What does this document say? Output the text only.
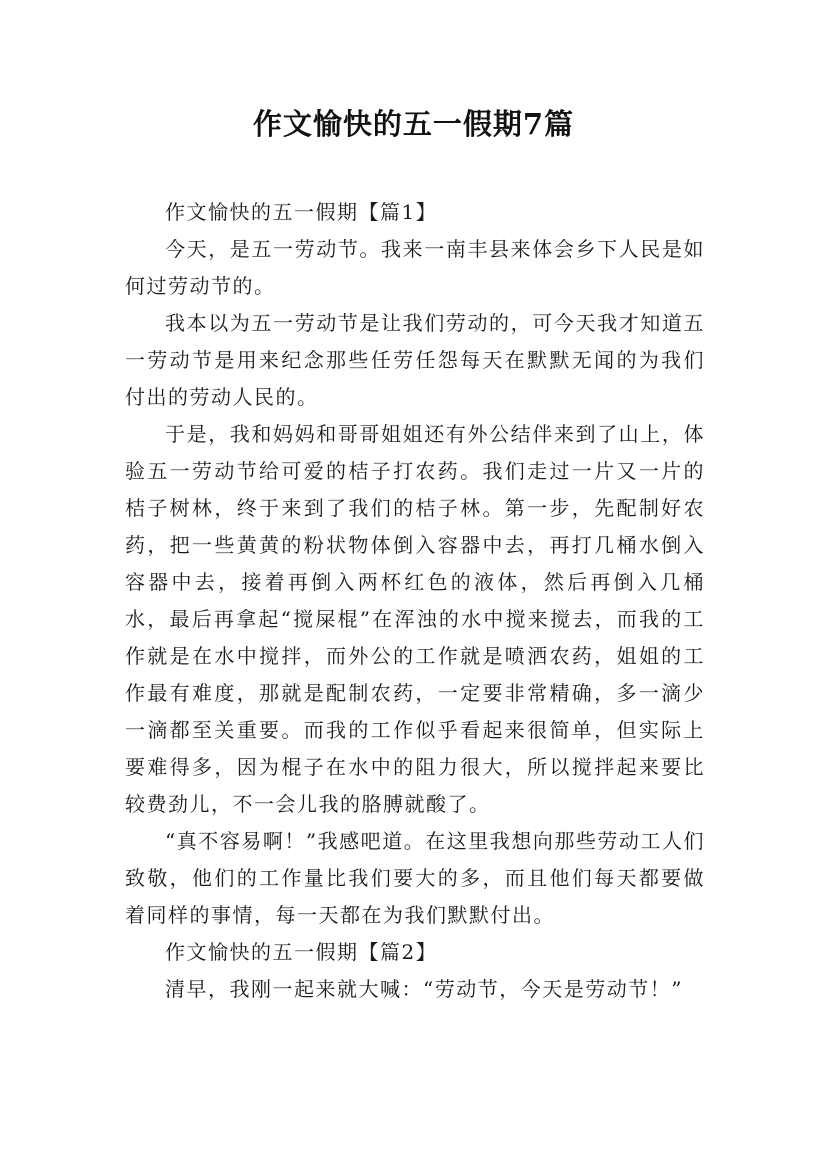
作文愉快的五一假期7篇

作文愉快的五一假期【篇1】

今天，是五一劳动节。我来一南丰县来体会乡下人民是如何过劳动节的。

我本以为五一劳动节是让我们劳动的，可今天我才知道五一劳动节是用来纪念那些任劳任怨每天在默默无闻的为我们付出的劳动人民的。

于是，我和妈妈和哥哥姐姐还有外公结伴来到了山上，体验五一劳动节给可爱的桔子打农药。我们走过一片又一片的桔子树林，终于来到了我们的桔子林。第一步，先配制好农药，把一些黄黄的粉状物体倒入容器中去，再打几桶水倒入容器中去，接着再倒入两杯红色的液体，然后再倒入几桶水，最后再拿起“搅屎棍”在浑浊的水中搅来搅去，而我的工作就是在水中搅拌，而外公的工作就是喷洒农药，姐姐的工作最有难度，那就是配制农药，一定要非常精确，多一滴少一滴都至关重要。而我的工作似乎看起来很简单，但实际上要难得多，因为棍子在水中的阻力很大，所以搅拌起来要比较费劲儿，不一会儿我的胳膊就酸了。

“真不容易啊！”我感吧道。在这里我想向那些劳动工人们致敬，他们的工作量比我们要大的多，而且他们每天都要做着同样的事情，每一天都在为我们默默付出。

作文愉快的五一假期【篇2】

清早，我刚一起来就大喊：“劳动节，今天是劳动节！”
